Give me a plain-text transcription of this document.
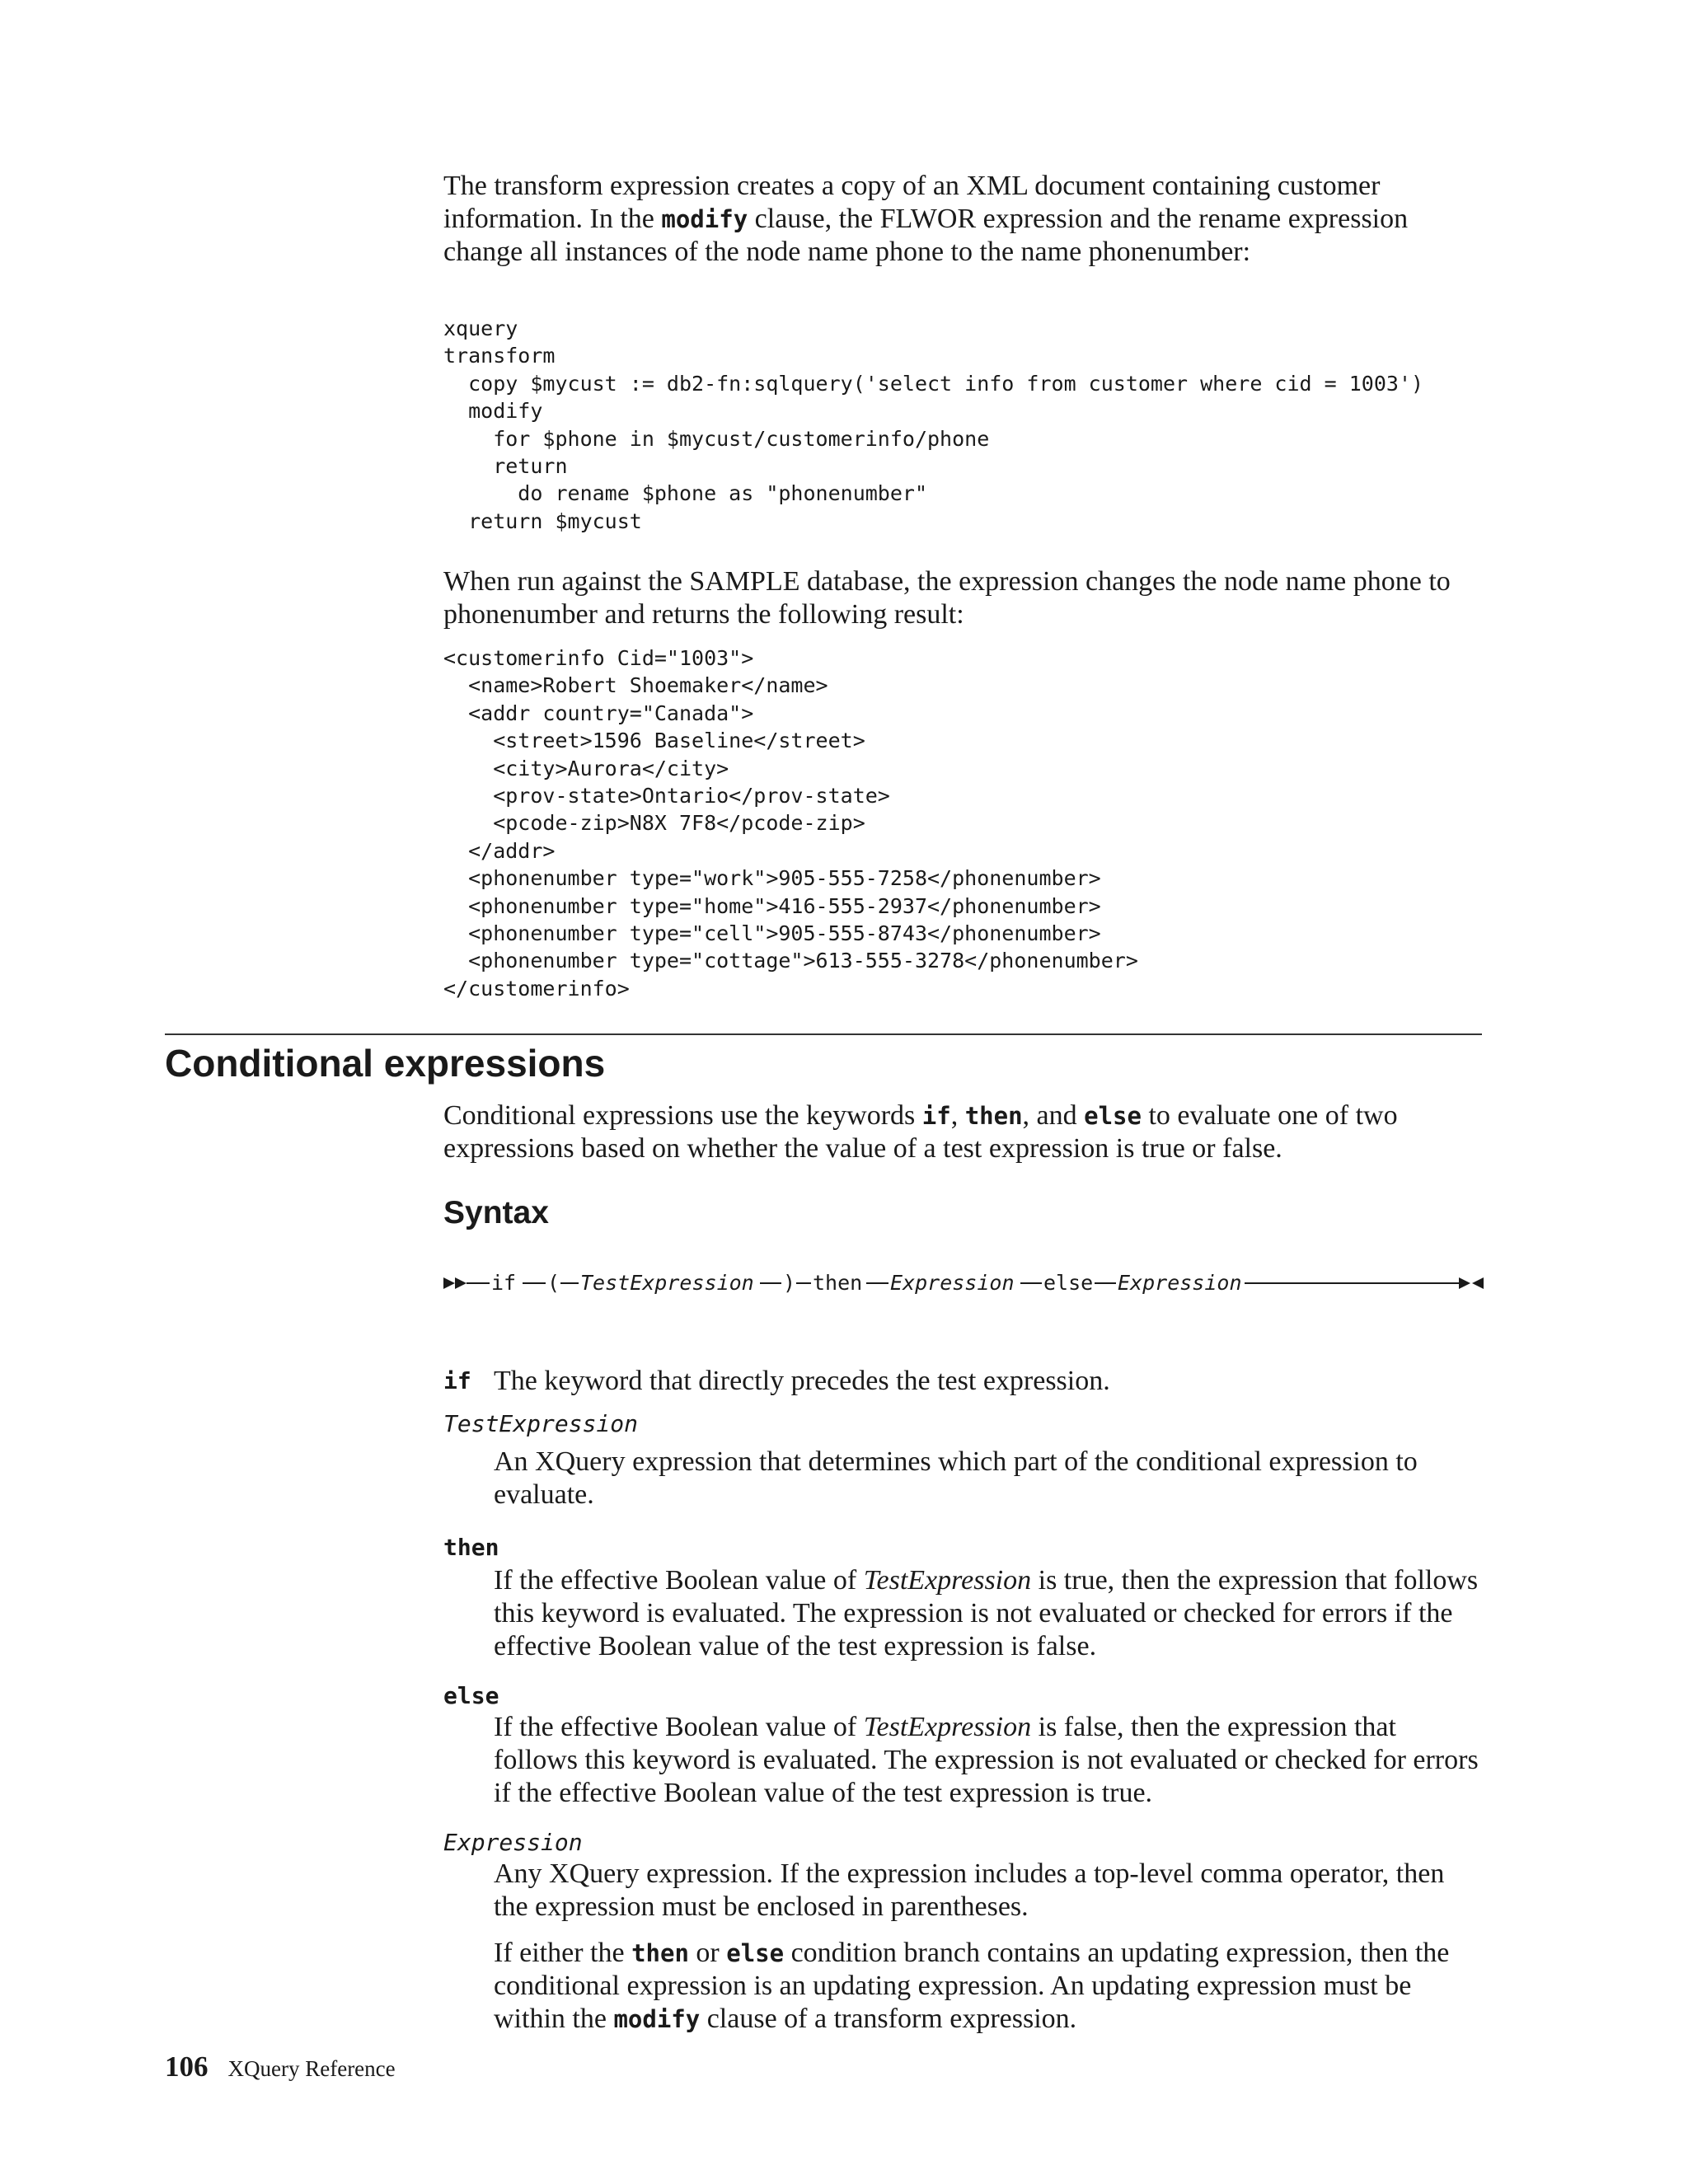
The transform expression creates a copy of an XML document containing customer information. In the modify clause, the FLWOR expression and the rename expression change all instances of the node name phone to the name phonenumber:

xquery
transform
copy $mycust := db2-fn:sqlquery('select info from customer where cid = 1003')
modify
for $phone in $mycust/customerinfo/phone
return
do rename $phone as "phonenumber"
return $mycust

When run against the SAMPLE database, the expression changes the node name phone to phonenumber and returns the following result:

<customerinfo Cid="1003">
<name>Robert Shoemaker</name>
<addr country="Canada">
<street>1596 Baseline</street>
<city>Aurora</city>
<prov-state>Ontario</prov-state>
<pcode-zip>N8X 7F8</pcode-zip>
</addr>
<phonenumber type="work">905-555-7258</phonenumber>
<phonenumber type="home">416-555-2937</phonenumber>
<phonenumber type="cell">905-555-8743</phonenumber>
<phonenumber type="cottage">613-555-3278</phonenumber>
</customerinfo>
Conditional expressions

Conditional expressions use the keywords if, then, and else to evaluate one of two expressions based on whether the value of a test expression is true or false.

Syntax
if ( TestExpression ) then Expression else Expression
if The keyword that directly precedes the test expression.

TestExpression

An XQuery expression that determines which part of the conditional expression to evaluate.

then

If the effective Boolean value of TestExpression is true, then the expression that follows this keyword is evaluated. The expression is not evaluated or checked for errors if the effective Boolean value of the test expression is false.

else

If the effective Boolean value of TestExpression is false, then the expression that follows this keyword is evaluated. The expression is not evaluated or checked for errors if the effective Boolean value of the test expression is true.

Expression

Any XQuery expression. If the expression includes a top-level comma operator, then the expression must be enclosed in parentheses.

If either the then or else condition branch contains an updating expression, then the conditional expression is an updating expression. An updating expression must be within the modify clause of a transform expression.

106 XQuery Reference
